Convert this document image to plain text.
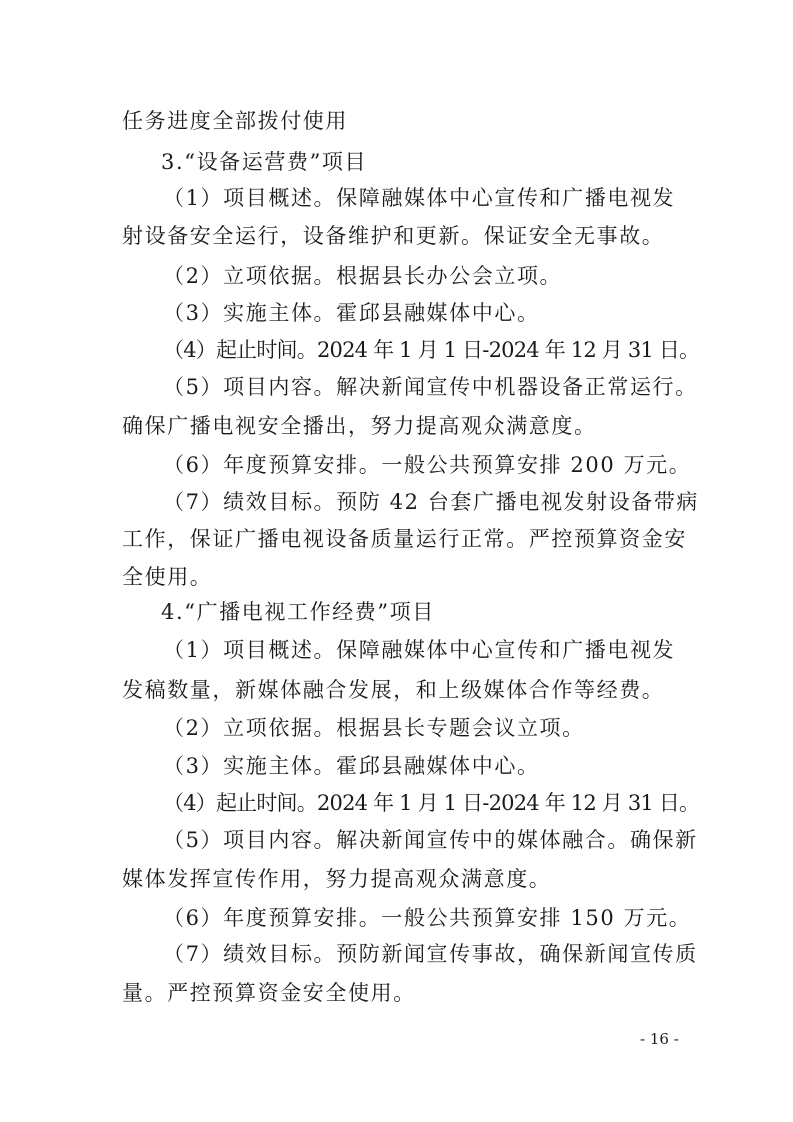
任务进度全部拨付使用
3.“设备运营费”项目
（1）项目概述。保障融媒体中心宣传和广播电视发
射设备安全运行，设备维护和更新。保证安全无事故。
（2）立项依据。根据县长办公会立项。
（3）实施主体。霍邱县融媒体中心。
（4）起止时间。2024 年 1 月 1 日-2024 年 12 月 31 日。
（5）项目内容。解决新闻宣传中机器设备正常运行。
确保广播电视安全播出，努力提高观众满意度。
（6）年度预算安排。一般公共预算安排 200 万元。
（7）绩效目标。预防 42 台套广播电视发射设备带病
工作，保证广播电视设备质量运行正常。严控预算资金安
全使用。
4.“广播电视工作经费”项目
（1）项目概述。保障融媒体中心宣传和广播电视发
发稿数量，新媒体融合发展，和上级媒体合作等经费。
（2）立项依据。根据县长专题会议立项。
（3）实施主体。霍邱县融媒体中心。
（4）起止时间。2024 年 1 月 1 日-2024 年 12 月 31 日。
（5）项目内容。解决新闻宣传中的媒体融合。确保新
媒体发挥宣传作用，努力提高观众满意度。
（6）年度预算安排。一般公共预算安排 150 万元。
（7）绩效目标。预防新闻宣传事故，确保新闻宣传质
量。严控预算资金安全使用。
- 16 -
